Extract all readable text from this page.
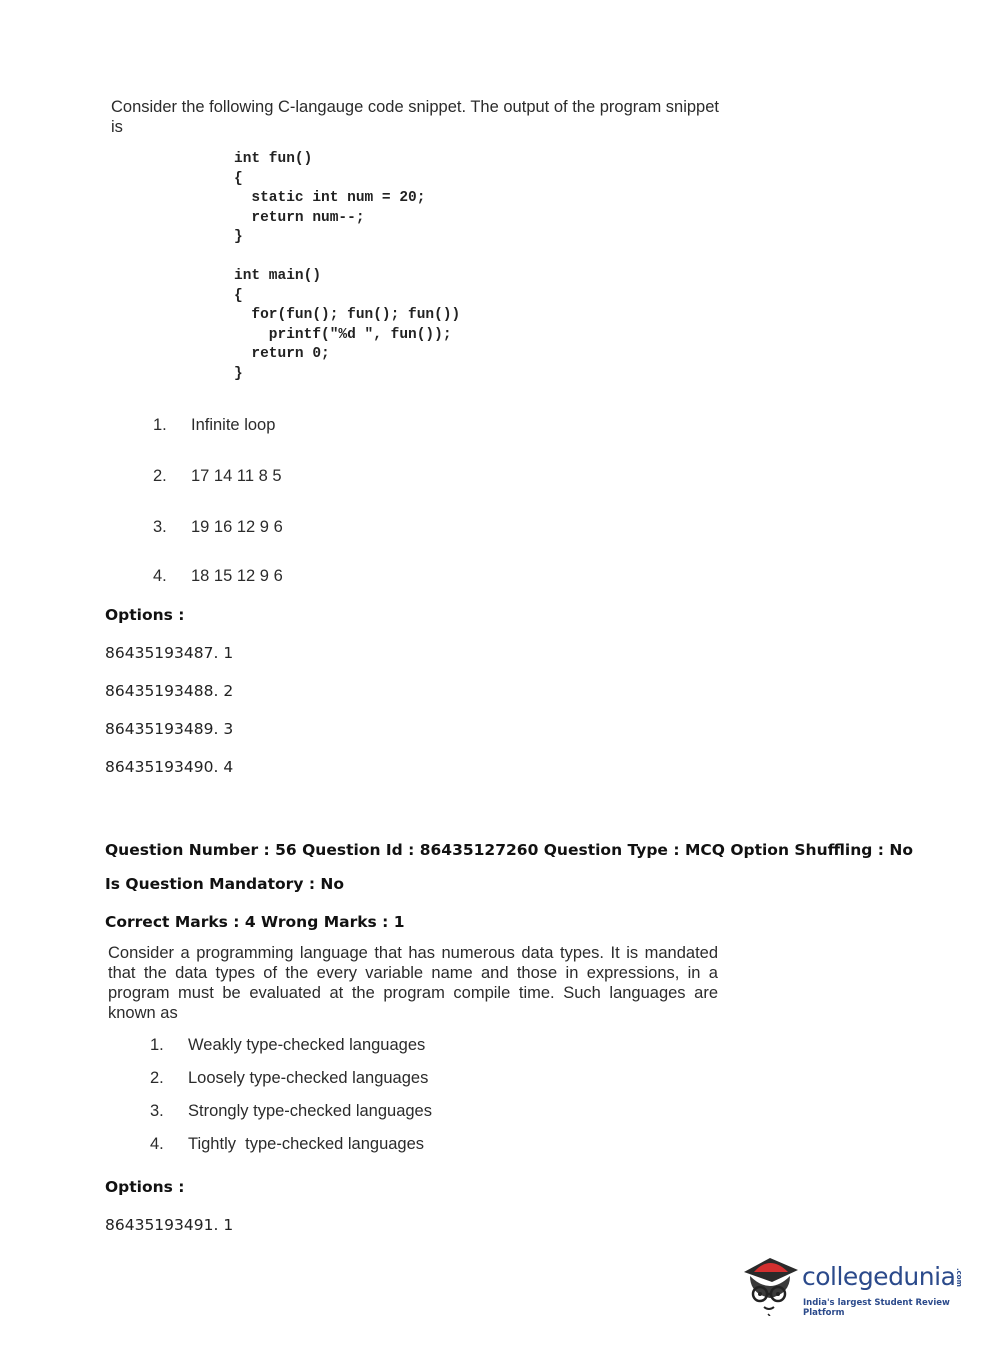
Consider the following C-langauge code snippet. The output of the program snippet is
int fun()
{
static int num = 20;
return num--;
}
int main()
{
for(fun(); fun(); fun())
printf("%d ", fun());
return 0;
}
1. Infinite loop
2. 17 14 11 8 5
3. 19 16 12 9 6
4. 18 15 12 9 6
Options :
86435193487. 1
86435193488. 2
86435193489. 3
86435193490. 4
Question Number : 56 Question Id : 86435127260 Question Type : MCQ Option Shuffling : No
Is Question Mandatory : No
Correct Marks : 4 Wrong Marks : 1
Consider a programming language that has numerous data types. It is mandated that the data types of the every variable name and those in expressions, in a program must be evaluated at the program compile time. Such languages are known as
1. Weakly type-checked languages
2. Loosely type-checked languages
3. Strongly type-checked languages
4. Tightly  type-checked languages
Options :
86435193491. 1
collegedunia .com
India's largest Student Review Platform
